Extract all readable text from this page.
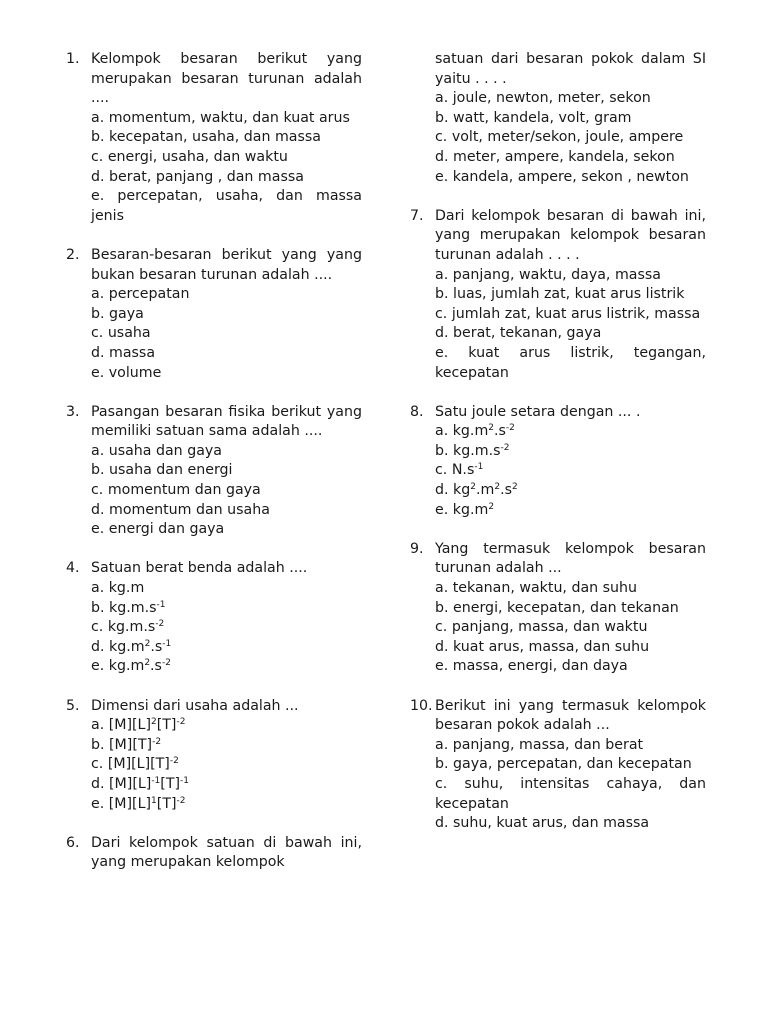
1. Kelompok besaran berikut yang merupakan besaran turunan adalah ....
a. momentum, waktu, dan kuat arus
b. kecepatan, usaha, dan massa
c. energi, usaha, dan waktu
d. berat, panjang , dan massa
e. percepatan, usaha, dan massa jenis
2. Besaran-besaran berikut yang yang bukan besaran turunan adalah ....
a. percepatan
b. gaya
c. usaha
d. massa
e. volume
3. Pasangan besaran fisika berikut yang memiliki satuan sama adalah ....
a. usaha dan gaya
b. usaha dan energi
c. momentum dan gaya
d. momentum dan usaha
e. energi dan gaya
4. Satuan berat benda adalah ....
a. kg.m
b. $kg.m.s^{-1}$
c. $kg.m.s^{-2}$
d. $kg.m^2.s^{-1}$
e. $kg.m^2.s^{-2}$
5. Dimensi dari usaha adalah ...
a. $[M][L]^2[T]^{-2}$
b. $[M][T]^{-2}$
c. $[M][L][T]^{-2}$
d. $[M][L]^{-1}[T]^{-1}$
e. $[M][L]^1[T]^{-2}$
6. Dari kelompok satuan di bawah ini, yang merupakan kelompok
satuan dari besaran pokok dalam SI yaitu . . . .
a. joule, newton, meter, sekon
b. watt, kandela, volt, gram
c. volt, meter/sekon, joule, ampere
d. meter, ampere, kandela, sekon
e. kandela, ampere, sekon , newton
7. Dari kelompok besaran di bawah ini, yang merupakan kelompok besaran turunan adalah . . . .
a. panjang, waktu, daya, massa
b. luas, jumlah zat, kuat arus listrik
c. jumlah zat, kuat arus listrik, massa
d. berat, tekanan, gaya
e. kuat arus listrik, tegangan, kecepatan
8. Satu joule setara dengan ... .
a. $kg.m^2.s^{-2}$
b. $kg.m.s^{-2}$
c. $N.s^{-1}$
d. $kg^2.m^2.s^2$
e. $kg.m^2$
9. Yang termasuk kelompok besaran turunan adalah ...
a. tekanan, waktu, dan suhu
b. energi, kecepatan, dan tekanan
c. panjang, massa, dan waktu
d. kuat arus, massa, dan suhu
e. massa, energi, dan daya
10. Berikut ini yang termasuk kelompok besaran pokok adalah ...
a. panjang, massa, dan berat
b. gaya, percepatan, dan kecepatan
c. suhu, intensitas cahaya, dan kecepatan
d. suhu, kuat arus, dan massa
